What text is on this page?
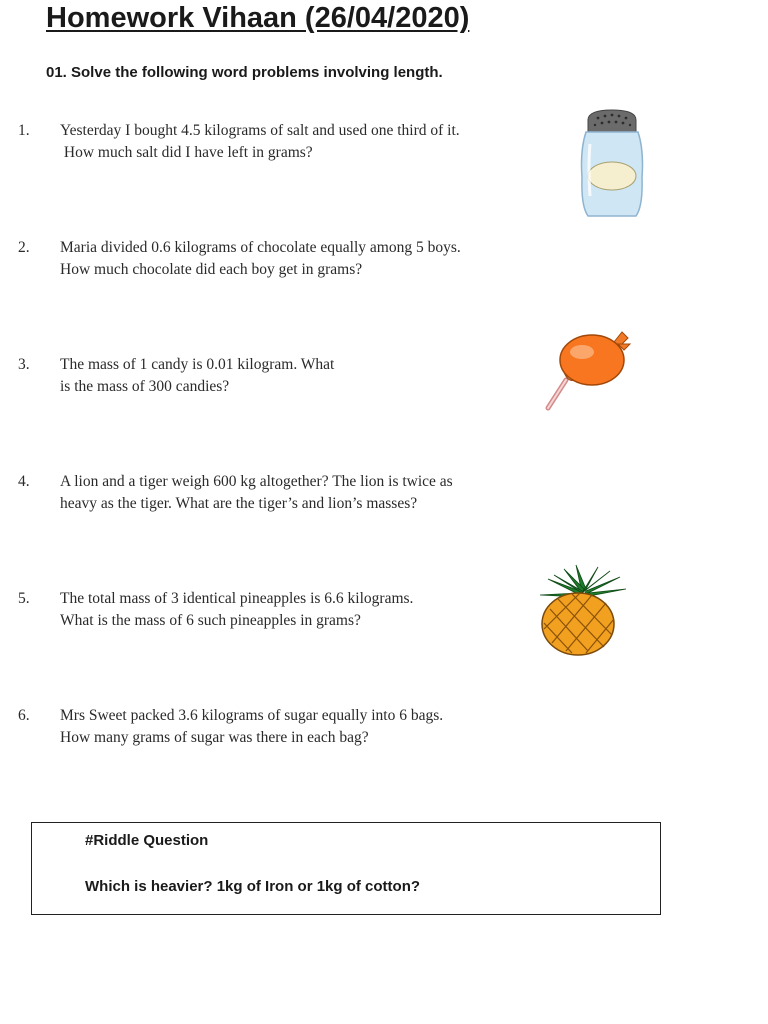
Homework Vihaan (26/04/2020)
01. Solve the following word problems involving length.
1. Yesterday I bought 4.5 kilograms of salt and used one third of it.
How much salt did I have left in grams?
2. Maria divided 0.6 kilograms of chocolate equally among 5 boys.
How much chocolate did each boy get in grams?
3. The mass of 1 candy is 0.01 kilogram. What
is the mass of 300 candies?
4. A lion and a tiger weigh 600 kg altogether? The lion is twice as
heavy as the tiger. What are the tiger’s and lion’s masses?
5. The total mass of 3 identical pineapples is 6.6 kilograms.
What is the mass of 6 such pineapples in grams?
6. Mrs Sweet packed 3.6 kilograms of sugar equally into 6 bags.
How many grams of sugar was there in each bag?
#Riddle Question
Which is heavier? 1kg of Iron or 1kg of cotton?
